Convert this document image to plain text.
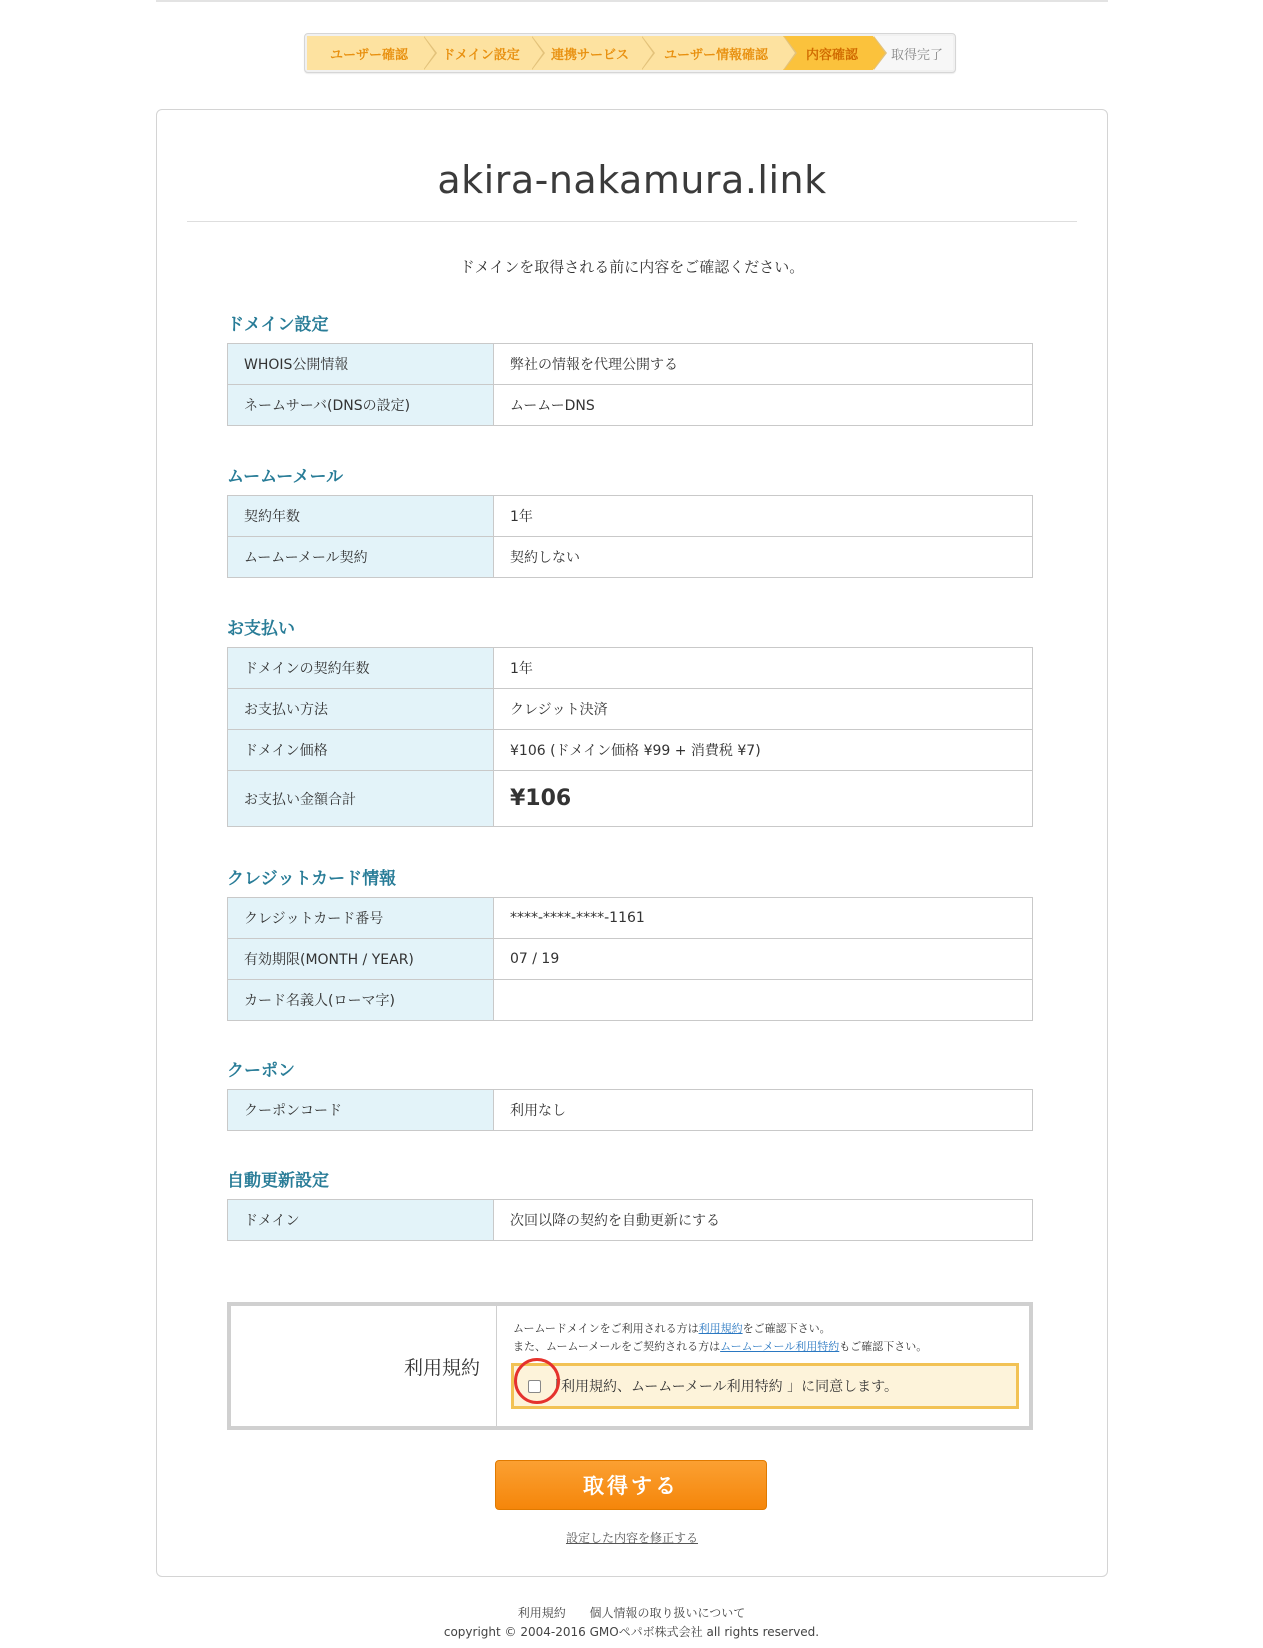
ユーザー確認	ドメイン設定 連携サービス	ユーザー情報確認	内容確認	取得完了
akira-nakamura.link
ドメインを取得される前に内容をご確認ください。
ドメイン設定
WHOIS公開情報	弊社の情報を代理公開する
ネームサーバ(DNSの設定)	ムームーDNS
ムームーメール
契約年数	1年
ムームーメール契約	契約しない
お支払い
ドメインの契約年数	1年
お支払い方法	クレジット決済
ドメイン価格	¥106 (ドメイン価格 ¥99 + 消費税 ¥7)
お支払い金額合計	¥106
クレジットカード情報
クレジットカード番号	****-****-****-1161
有効期限(MONTH / YEAR)	07 / 19
カード名義人(ローマ字)	
クーポン
クーポンコード	利用なし
自動更新設定
ドメイン	次回以降の契約を自動更新にする
利用規約
ムームードメインをご利用される方は利用規約をご確認下さい。
また、ムームーメールをご契約される方はムームーメール利用特約もご確認下さい。
「利用規約、ムームーメール利用特約 」に同意します。
取得する
設定した内容を修正する
利用規約 個人情報の取り扱いについて
copyright © 2004-2016 GMOペパボ株式会社 all rights reserved.
